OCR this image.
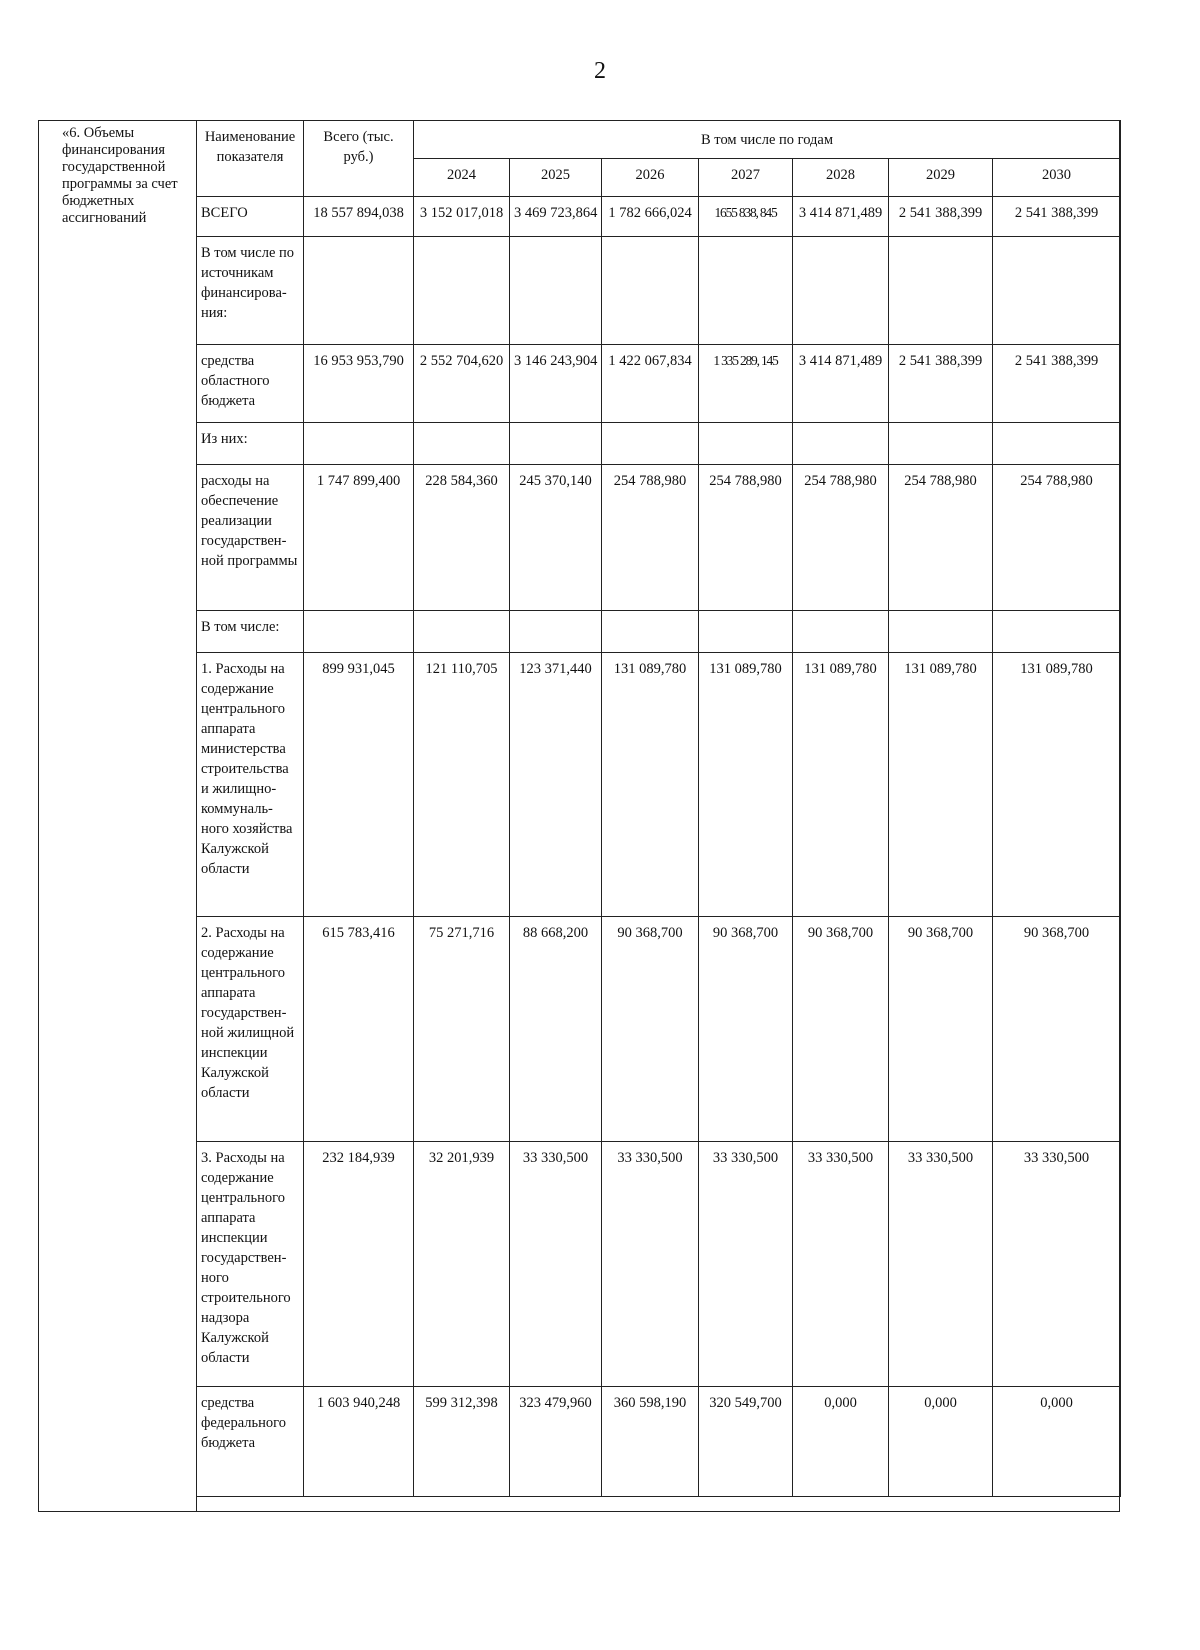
2
«6. Объемы финансирования государственной программы за счет бюджетных ассигнований
Наименование показателя	Всего (тыс. руб.)	В том числе по годам						
		2024	2025	2026	2027	2028	2029	2030
ВСЕГО	18 557 894,038	3 152 017,018	3 469 723,864	1 782 666,024	1655 838, 845	3 414 871,489	2 541 388,399	2 541 388,399
В том числе по источникам финансирова-ния:								
средства областного бюджета	16 953 953,790	2 552 704,620	3 146 243,904	1 422 067,834	1 335 289, 145	3 414 871,489	2 541 388,399	2 541 388,399
Из них:								
расходы на обеспечение реализации государствен-ной программы	1 747 899,400	228 584,360	245 370,140	254 788,980	254 788,980	254 788,980	254 788,980	254 788,980
В том числе:								
1. Расходы на содержание центрального аппарата министерства строительства и жилищно-коммуналь-ного хозяйства Калужской области	899 931,045	121 110,705	123 371,440	131 089,780	131 089,780	131 089,780	131 089,780	131 089,780
2. Расходы на содержание центрального аппарата государствен-ной жилищной инспекции Калужской области	615 783,416	75 271,716	88 668,200	90 368,700	90 368,700	90 368,700	90 368,700	90 368,700
3. Расходы на содержание центрального аппарата инспекции государствен-ного строительного надзора Калужской области	232 184,939	32 201,939	33 330,500	33 330,500	33 330,500	33 330,500	33 330,500	33 330,500
средства федерального бюджета	1 603 940,248	599 312,398	323 479,960	360 598,190	320 549,700	0,000	0,000	0,000
